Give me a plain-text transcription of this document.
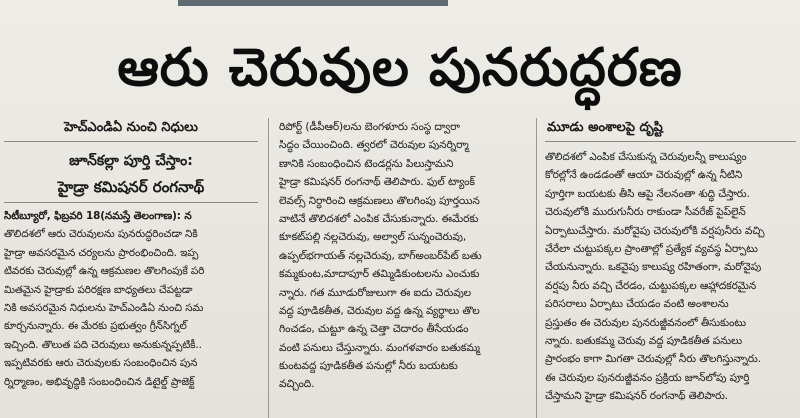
ఆరు చెరువుల పునరుద్ధరణ
హెచ్ఎండిఏ నుంచి నిధులు
జూన్‌కల్లా పూర్తి చేస్తాం:
హైడ్రా కమిషనర్ రంగనాథ్
సిటీబ్యూరో, ఫిబ్రవరి 18(నమస్తే తెలంగాణ): న
తొలిదశలో ఆరు చెరువులను పునరుద్ధరించడా నికి
హైడ్రా అవసరమైన చర్యలను ప్రారంభించింది. ఇప్ప
టివరకు చెరువుల్లో ఉన్న ఆక్రమణల తొలగింపుకే పరి
మితమైన హైడ్రాకు పరిరక్షణ బాధ్యతలు చేపట్టడా
నికి అవసరమైన నిధులను హెచ్ఎండిఏ నుంచి సమ
కూర్చనున్నారు. ఈ మేరకు ప్రభుత్వం గ్రీన్‌సిగ్నల్
ఇచ్చింది. తొలుత పది చెరువులు అనుకున్నప్పటికీ..
ఇప్పటివరకు ఆరు చెరువులకు సంబంధించిన పున
ర్నిర్మాణం, అభివృద్ధికి సంబంధించిన డిటైల్డ్ ప్రాజెక్ట్
రిపోర్ట్ (డీపీఆర్)లను బెంగళూరు సంస్థ ద్వారా
సిద్ధం చేయించింది. త్వరలో చెరువుల పునర్నిర్మా
ణానికి సంబంధించిన టెండర్లను పిలుస్తామని
హైడ్రా కమిషనర్ రంగనాథ్ తెలిపారు. ఫుల్ ట్యాంక్
లెవల్స్ నిర్ధారించి ఆక్రమణలు తొలగింపు పూర్తయిన
వాటినే తొలిదశలో ఎంపిక చేసుకున్నారు. ఈమేరకు
కూకట్‌పల్లి నల్లచెరువు, అల్వాల్ సున్నంచెరువు,
ఉప్పల్‌భగాయత్ నల్లచెరువు, బాగ్‌అంబర్‌పేట్ బతు
కమ్మకుంట,మాదాపూర్ తమ్మిడికుంటలను ఎంచుకు
న్నారు. గత మూడురోజులుగా ఈ ఐదు చెరువుల
వద్ద పూడికతీత, చెరువుల వద్ద ఉన్న వ్యర్థాలు తొల
గించడం, చుట్టూ ఉన్న చెత్తా చెదారం తీసేయడం
వంటి పనులు చేస్తున్నారు. మంగళవారం బతుకమ్మ
కుంటవద్ద పూడికతీత పనుల్లో నీరు బయటకు
వచ్చింది.
మూడు అంశాలపై దృష్టి
తొలిదశలో ఎంపిక చేసుకున్న చెరువులన్నీ కాలుష్యం
కోరల్లోనే ఉండడంతో ఆయా చెరువుల్లో ఉన్న నీటిని
పూర్తిగా బయటకు తీసి ఆపై నేలనంతా శుద్ధి చేస్తారు.
చెరువులోకి మురుగునీరు రాకుండా సీవరేజ్ పైప్‌లైన్
ఏర్పాటుచేస్తారు. మరోవైపు చెరువులోకి వర్షపునీరు వచ్చి
చేరేలా చుట్టుపక్కల ప్రాంతాల్లో ప్రత్యేక వ్యవస్థ ఏర్పాటు
చేయనున్నారు. ఒకవైపు కాలుష్య రహితంగా, మరోవైపు
వర్షపు నీరు వచ్చి చేరడం, చుట్టుపక్కల ఆహ్లాదకరమైన
పరిసరాలు ఏర్పాటు చేయడం వంటి అంశాలను
ప్రస్తుతం ఈ చెరువుల పునరుజ్జీవనంలో తీసుకుంటు
న్నారు. బతుకమ్మ చెరువు వద్ద పూడికతీత పనులు
ప్రారంభం కాగా మిగతా చెరువుల్లో నీరు తొలగిస్తున్నారు.
ఈ చెరువుల పునరుజ్జీవనం ప్రక్రియ జూన్‌లోపు పూర్తి
చేస్తామని హైడ్రా కమిషనర్ రంగనాథ్ తెలిపారు.
